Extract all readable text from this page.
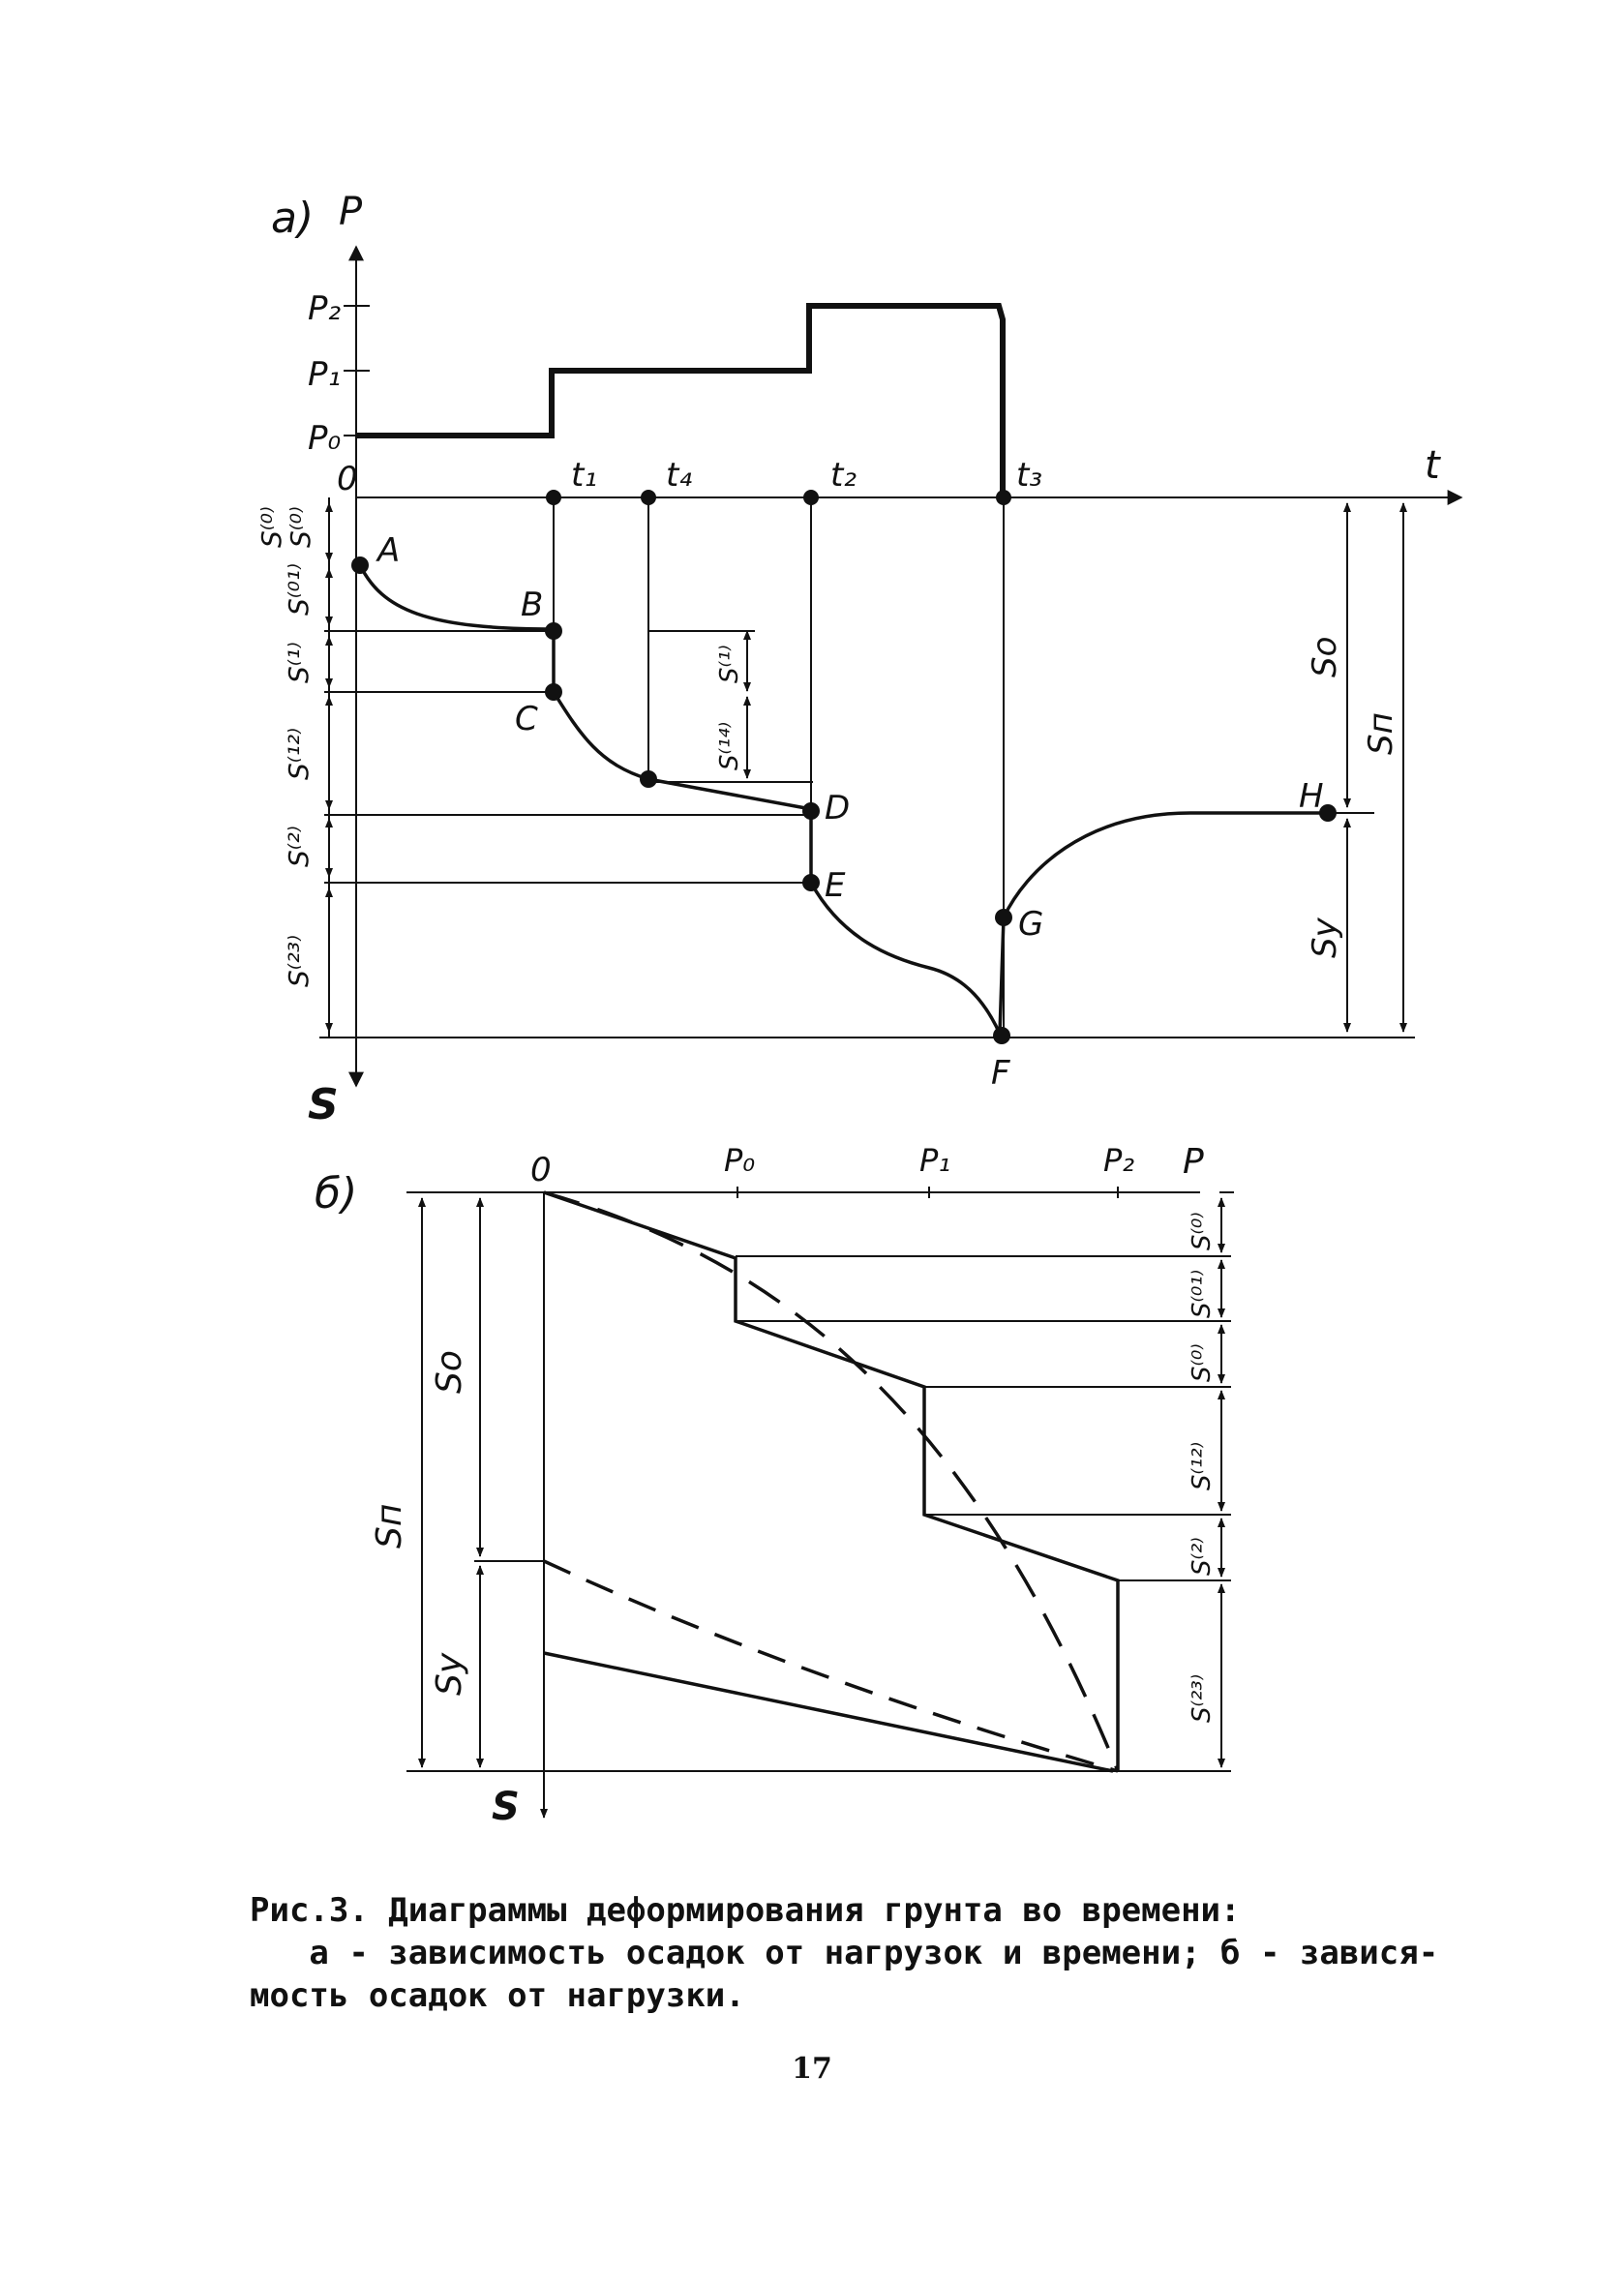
а) P
t
S
0
P₂
P₁
P₀
t₁ t₄	t₂	t₃
A
B
C
D
E
F
G
H
S⁽⁰⁾
S⁽⁰¹⁾
S⁽¹⁾
S⁽¹²⁾
S⁽²⁾
S⁽²³⁾
S⁽⁰⁾
S⁽¹⁾
S⁽¹⁴⁾
Sо
Sп
Sу
б)	0	P
S
P₀	P₁	P₂
Sп
Sо
Sу
S⁽⁰⁾
S⁽⁰¹⁾
S⁽⁰⁾
S⁽¹²⁾
S⁽²⁾
S⁽²³⁾
Рис.3. Диаграммы деформирования грунта во времени:
а - зависимость осадок от нагрузок и времени; б - завися-
мость осадок от нагрузки.
17
